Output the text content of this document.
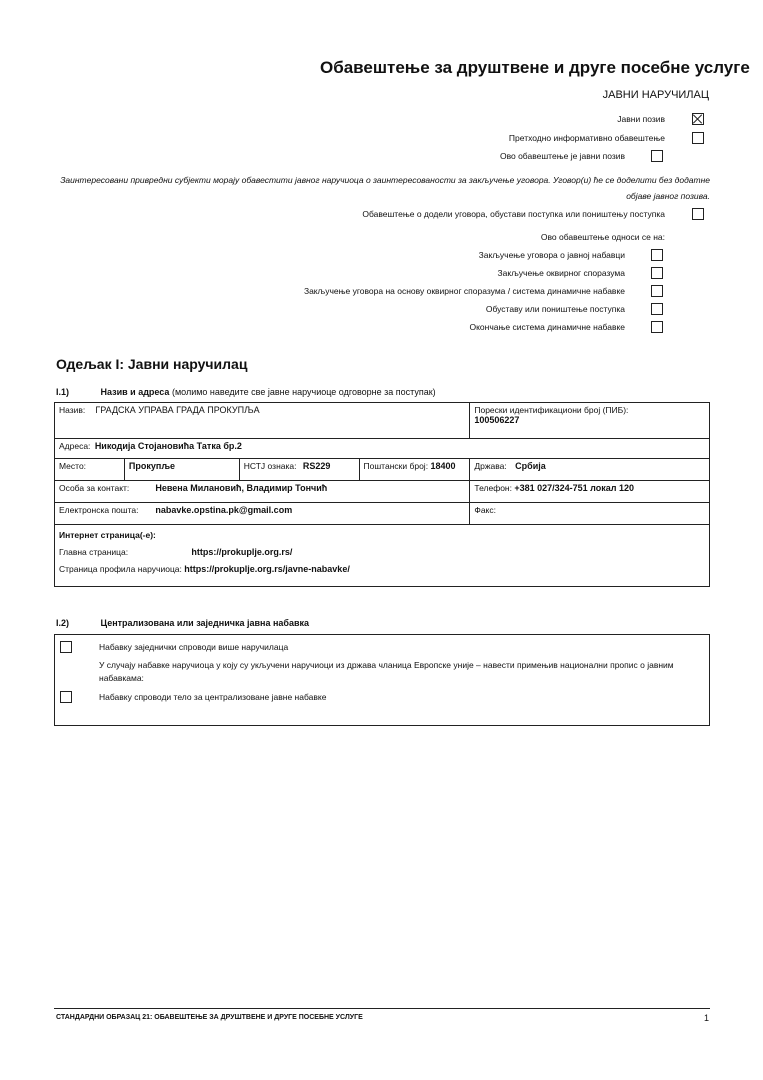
Обавештење за друштвене и друге посебне услуге
ЈАВНИ НАРУЧИЛАЦ
Јавни позив
Претходно информативно обавештење
Ово обавештење је јавни позив
Заинтересовани привредни субјекти морају обавестити јавног наручиоца о заинтересованости за закључење уговора. Уговор(и) ће се доделити без додатне објаве јавног позива.
Обавештење о додели уговора, обустави поступка или поништењу поступка
Ово обавештење односи се на:
Закључење уговора о јавној набавци
Закључење оквирног споразума
Закључење уговора на основу оквирног споразума / система динамичне набавке
Обуставу или поништење поступка
Окончање система динамичне набавке
Одељак I: Јавни наручилац
I.1)	Назив и адреса (молимо наведите све јавне наручиоце одговорне за поступак)
Назив: ГРАДСКА УПРАВА ГРАДА ПРОКУПЉА				Порески идентификациони број (ПИБ):
100506227

Адреса: Никодија Стојановића Татка бр.2				
Место:	Прокупље	НСТЈ ознака: RS229	Поштански број: 18400	Држава: Србија
Особа за контакт: Невена Милановић, Владимир Тончић				Телефон: +381 027/324-751 локал 120
Електронска пошта: nabavke.opstina.pk@gmail.com				Факс:

Интернет страница(-е):
Главна страница: https://prokuplje.org.rs/
Страница профила наручиоца: https://prokuplje.org.rs/javne-nabavke/				
I.2)	Централизована или заједничка јавна набавка
Набавку заједнички спроводи више наручилаца
У случају набавке наручиоца у коју су укључени наручиоци из држава чланица Европске уније – навести примењив национални пропис о јавним набавкама:
Набавку спроводи тело за централизоване јавне набавке
СТАНДАРДНИ ОБРАЗАЦ 21: ОБАВЕШТЕЊЕ ЗА ДРУШТВЕНЕ И ДРУГЕ ПОСЕБНЕ УСЛУГЕ	1
